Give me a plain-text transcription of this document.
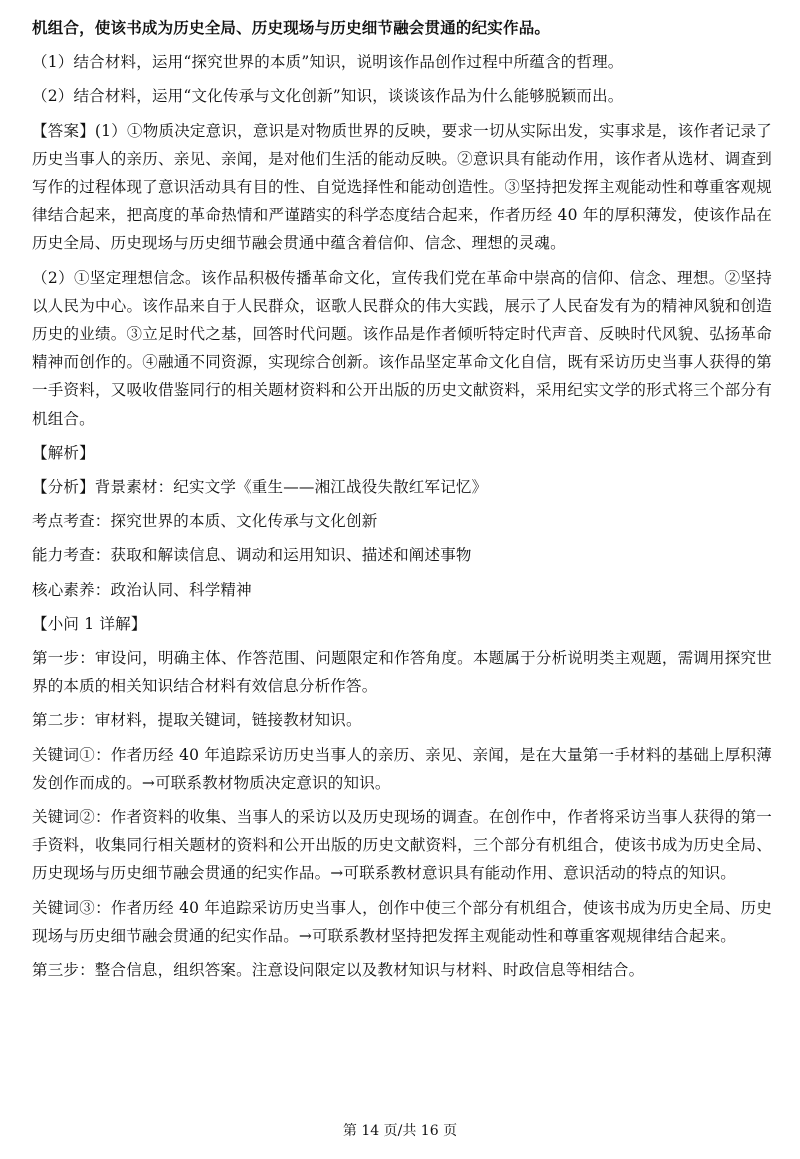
机组合，使该书成为历史全局、历史现场与历史细节融会贯通的纪实作品。

（1）结合材料，运用“探究世界的本质”知识，说明该作品创作过程中所蕴含的哲理。

（2）结合材料，运用“文化传承与文化创新”知识，谈谈该作品为什么能够脱颖而出。

【答案】(1）①物质决定意识，意识是对物质世界的反映，要求一切从实际出发，实事求是，该作者记录了历史当事人的亲历、亲见、亲闻，是对他们生活的能动反映。②意识具有能动作用，该作者从选材、调查到写作的过程体现了意识活动具有目的性、自觉选择性和能动创造性。③坚持把发挥主观能动性和尊重客观规律结合起来，把高度的革命热情和严谨踏实的科学态度结合起来，作者历经 40 年的厚积薄发，使该作品在历史全局、历史现场与历史细节融会贯通中蕴含着信仰、信念、理想的灵魂。

（2）①坚定理想信念。该作品积极传播革命文化，宣传我们党在革命中崇高的信仰、信念、理想。②坚持以人民为中心。该作品来自于人民群众，讴歌人民群众的伟大实践，展示了人民奋发有为的精神风貌和创造历史的业绩。③立足时代之基，回答时代问题。该作品是作者倾听特定时代声音、反映时代风貌、弘扬革命精神而创作的。④融通不同资源，实现综合创新。该作品坚定革命文化自信，既有采访历史当事人获得的第一手资料，又吸收借鉴同行的相关题材资料和公开出版的历史文献资料，采用纪实文学的形式将三个部分有机组合。

【解析】

【分析】背景素材：纪实文学《重生——湘江战役失散红军记忆》

考点考查：探究世界的本质、文化传承与文化创新

能力考查：获取和解读信息、调动和运用知识、描述和阐述事物

核心素养：政治认同、科学精神

【小问 1 详解】

第一步：审设问，明确主体、作答范围、问题限定和作答角度。本题属于分析说明类主观题，需调用探究世界的本质的相关知识结合材料有效信息分析作答。

第二步：审材料，提取关键词，链接教材知识。

关键词①：作者历经 40 年追踪采访历史当事人的亲历、亲见、亲闻，是在大量第一手材料的基础上厚积薄发创作而成的。→可联系教材物质决定意识的知识。

关键词②：作者资料的收集、当事人的采访以及历史现场的调查。在创作中，作者将采访当事人获得的第一手资料，收集同行相关题材的资料和公开出版的历史文献资料，三个部分有机组合，使该书成为历史全局、历史现场与历史细节融会贯通的纪实作品。→可联系教材意识具有能动作用、意识活动的特点的知识。

关键词③：作者历经 40 年追踪采访历史当事人，创作中使三个部分有机组合，使该书成为历史全局、历史现场与历史细节融会贯通的纪实作品。→可联系教材坚持把发挥主观能动性和尊重客观规律结合起来。

第三步：整合信息，组织答案。注意设问限定以及教材知识与材料、时政信息等相结合。

第 14 页/共 16 页
